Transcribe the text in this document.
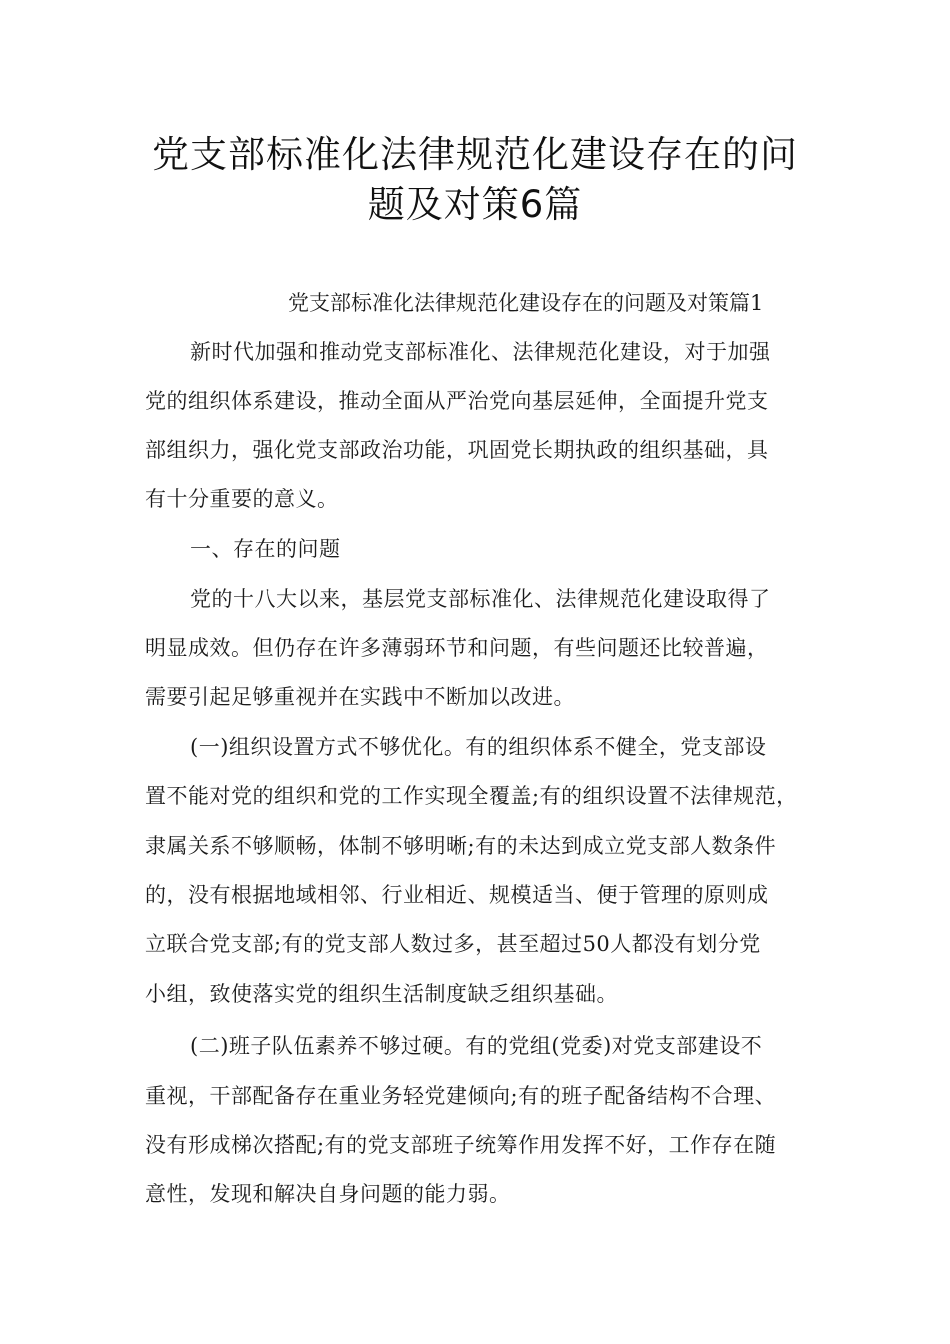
党支部标准化法律规范化建设存在的问
题及对策6篇
党支部标准化法律规范化建设存在的问题及对策篇1
新时代加强和推动党支部标准化、法律规范化建设，对于加强
党的组织体系建设，推动全面从严治党向基层延伸，全面提升党支
部组织力，强化党支部政治功能，巩固党长期执政的组织基础，具
有十分重要的意义。
一、存在的问题
党的十八大以来，基层党支部标准化、法律规范化建设取得了
明显成效。但仍存在许多薄弱环节和问题，有些问题还比较普遍，
需要引起足够重视并在实践中不断加以改进。
(一)组织设置方式不够优化。有的组织体系不健全，党支部设
置不能对党的组织和党的工作实现全覆盖;有的组织设置不法律规范，
隶属关系不够顺畅，体制不够明晰;有的未达到成立党支部人数条件
的，没有根据地域相邻、行业相近、规模适当、便于管理的原则成
立联合党支部;有的党支部人数过多，甚至超过50人都没有划分党
小组，致使落实党的组织生活制度缺乏组织基础。
(二)班子队伍素养不够过硬。有的党组(党委)对党支部建设不
重视，干部配备存在重业务轻党建倾向;有的班子配备结构不合理、
没有形成梯次搭配;有的党支部班子统筹作用发挥不好，工作存在随
意性，发现和解决自身问题的能力弱。
